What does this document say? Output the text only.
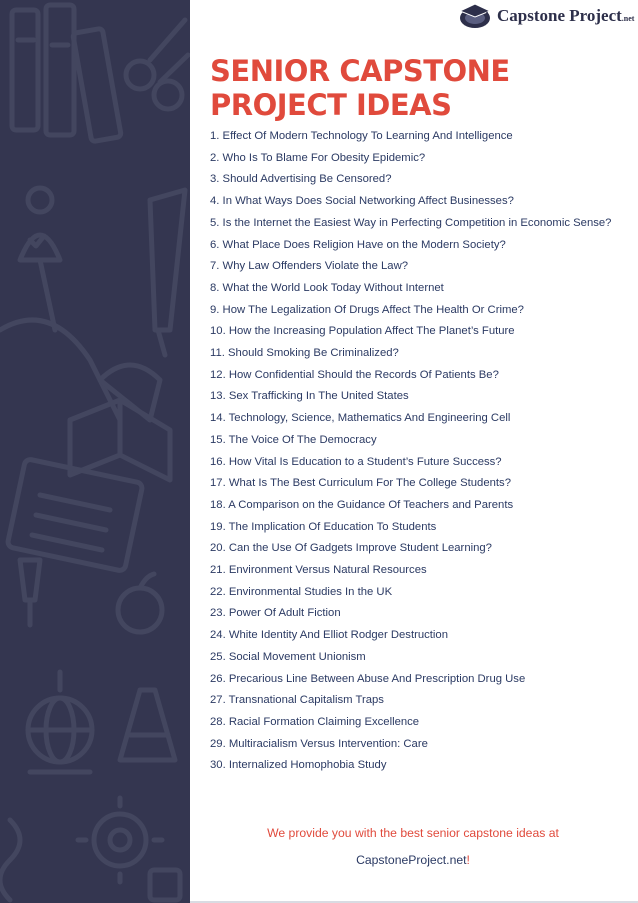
Capstone Project.net
SENIOR CAPSTONE
PROJECT IDEAS
1. Effect Of Modern Technology To Learning And Intelligence
2. Who Is To Blame For Obesity Epidemic?
3. Should Advertising Be Censored?
4. In What Ways Does Social Networking Affect Businesses?
5. Is the Internet the Easiest Way in Perfecting Competition in Economic Sense?
6. What Place Does Religion Have on the Modern Society?
7. Why Law Offenders Violate the Law?
8. What the World Look Today Without Internet
9. How The Legalization Of Drugs Affect The Health Or Crime?
10. How the Increasing Population Affect The Planet’s Future
11. Should Smoking Be Criminalized?
12. How Confidential Should the Records Of Patients Be?
13. Sex Trafficking In The United States
14. Technology, Science, Mathematics And Engineering Cell
15. The Voice Of The Democracy
16. How Vital Is Education to a Student’s Future Success?
17. What Is The Best Curriculum For The College Students?
18. A Comparison on the Guidance Of Teachers and Parents
19. The Implication Of Education To Students
20. Can the Use Of Gadgets Improve Student Learning?
21. Environment Versus Natural Resources
22. Environmental Studies In the UK
23. Power Of Adult Fiction
24. White Identity And Elliot Rodger Destruction
25. Social Movement Unionism
26. Precarious Line Between Abuse And Prescription Drug Use
27. Transnational Capitalism Traps
28. Racial Formation Claiming Excellence
29. Multiracialism Versus Intervention: Care
30. Internalized Homophobia Study
We provide you with the best senior capstone ideas at
CapstoneProject.net!
